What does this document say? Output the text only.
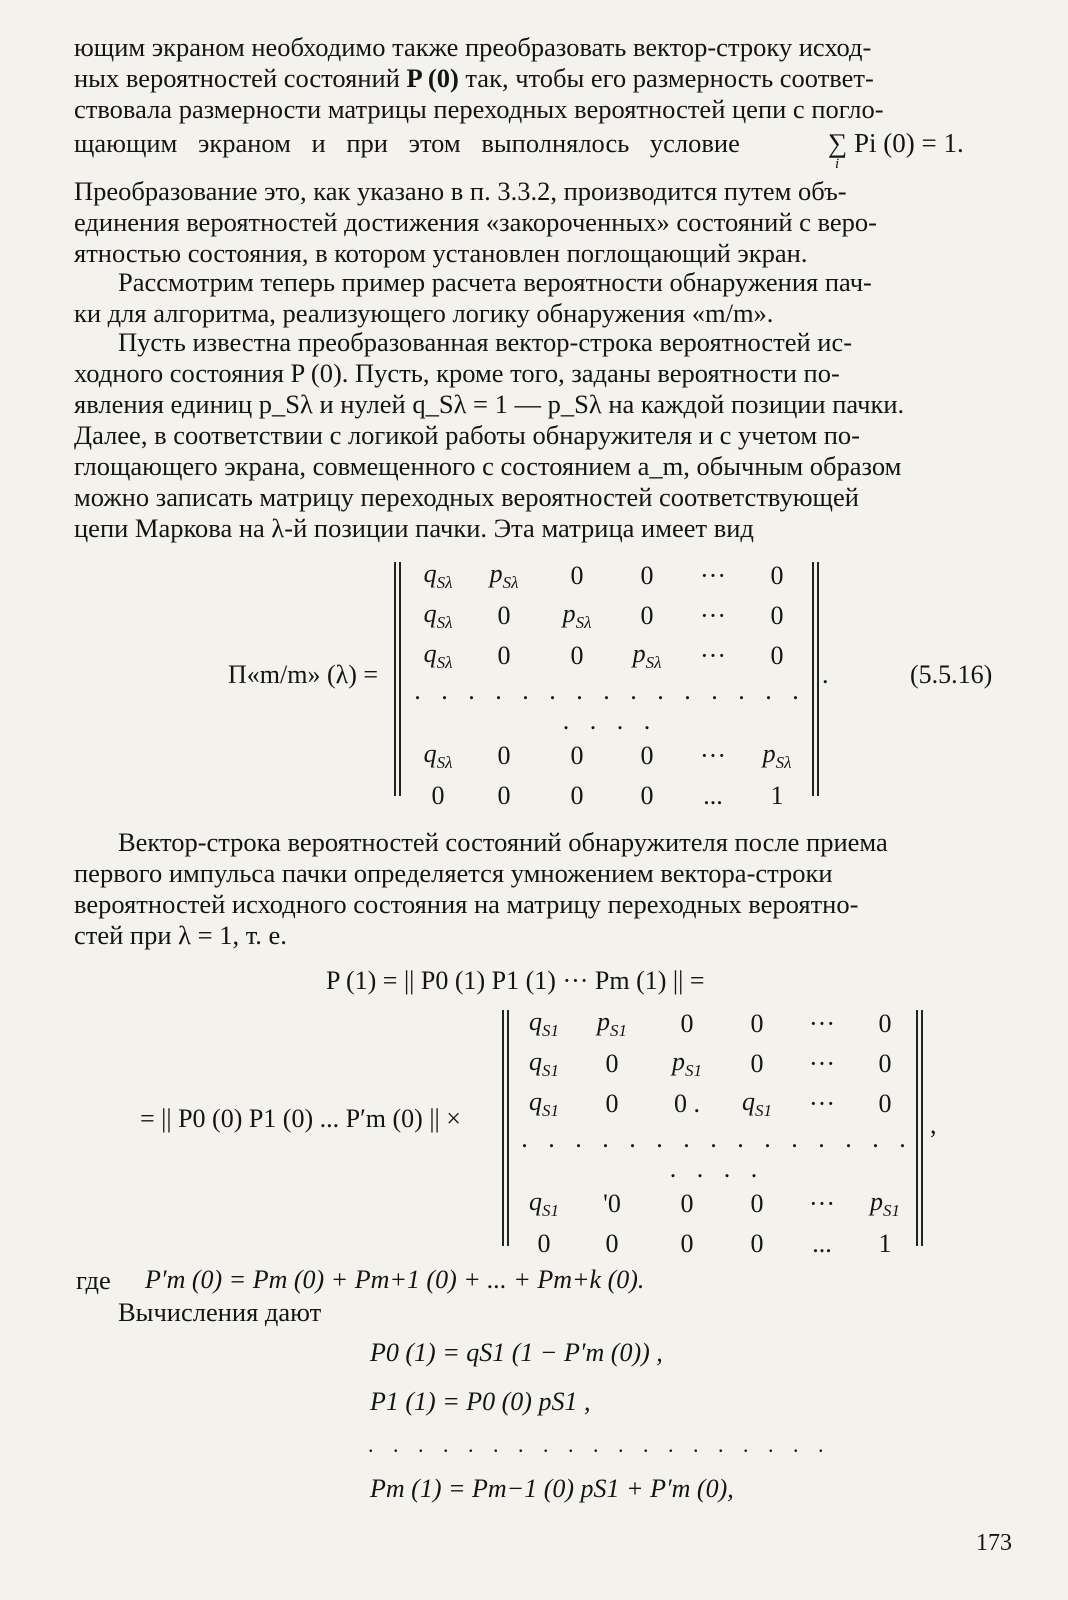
ющим экраном необходимо также преобразовать вектор-строку исход-

ных вероятностей состояний P (0) так, чтобы его размерность соответ-

ствовала размерности матрицы переходных вероятностей цепи с погло-

щающим экраном и при этом выполнялось условие	∑ Pi (0) = 1.
i

Преобразование это, как указано в п. 3.3.2, производится путем объ-

единения вероятностей достижения «закороченных» состояний с веро-

ятностью состояния, в котором установлен поглощающий экран.

Рассмотрим теперь пример расчета вероятности обнаружения пач-

ки для алгоритма, реализующего логику обнаружения «m/m».

Пусть известна преобразованная вектор-строка вероятностей ис-

ходного состояния P (0). Пусть, кроме того, заданы вероятности по-

явления единиц p_Sλ и нулей q_Sλ = 1 — p_Sλ на каждой позиции пачки.

Далее, в соответствии с логикой работы обнаружителя и с учетом по-

глощающего экрана, совмещенного с состоянием a_m, обычным образом

можно записать матрицу переходных вероятностей соответствующей

цепи Маркова на λ-й позиции пачки. Эта матрица имеет вид

Π«m/m» (λ) =
$q_{S\lambda}$	$p_{S\lambda}$	0	0	···	0
$q_{S\lambda}$	0	$p_{S\lambda}$	0	···	0
$q_{S\lambda}$	0	0	$p_{S\lambda}$	···	0
. . . . . . . . . . . . . . . . . . .					
$q_{S\lambda}$	0	0	0	···	$p_{S\lambda}$
0	0	0	0	...	1
.	(5.5.16)

Вектор-строка вероятностей состояний обнаружителя после приема

первого импульса пачки определяется умножением вектора-строки

вероятностей исходного состояния на матрицу переходных вероятно-

стей при λ = 1, т. е.

P (1) = || P0 (1) P1 (1) ··· Pm (1) || =
= || P0 (0) P1 (0) ... P′m (0) || ×
$q_{S1}$	$p_{S1}$	0	0	···	0
$q_{S1}$	0	$p_{S1}$	0	···	0
$q_{S1}$	0	0 .	$q_{S1}$	···	0
. . . . . . . . . . . . . . . . . . .					
$q_{S1}$	'0	0	0	···	$p_{S1}$
0	0	0	0	...	1
,
где P′m (0) = Pm (0) + Pm+1 (0) + ... + Pm+k (0).
Вычисления дают
P0 (1) = qS1 (1 − P′m (0)) ,
P1 (1) = P0 (0) pS1 ,
. . . . . . . . . . . . . . . . . . .
Pm (1) = Pm−1 (0) pS1 + P′m (0),
173
